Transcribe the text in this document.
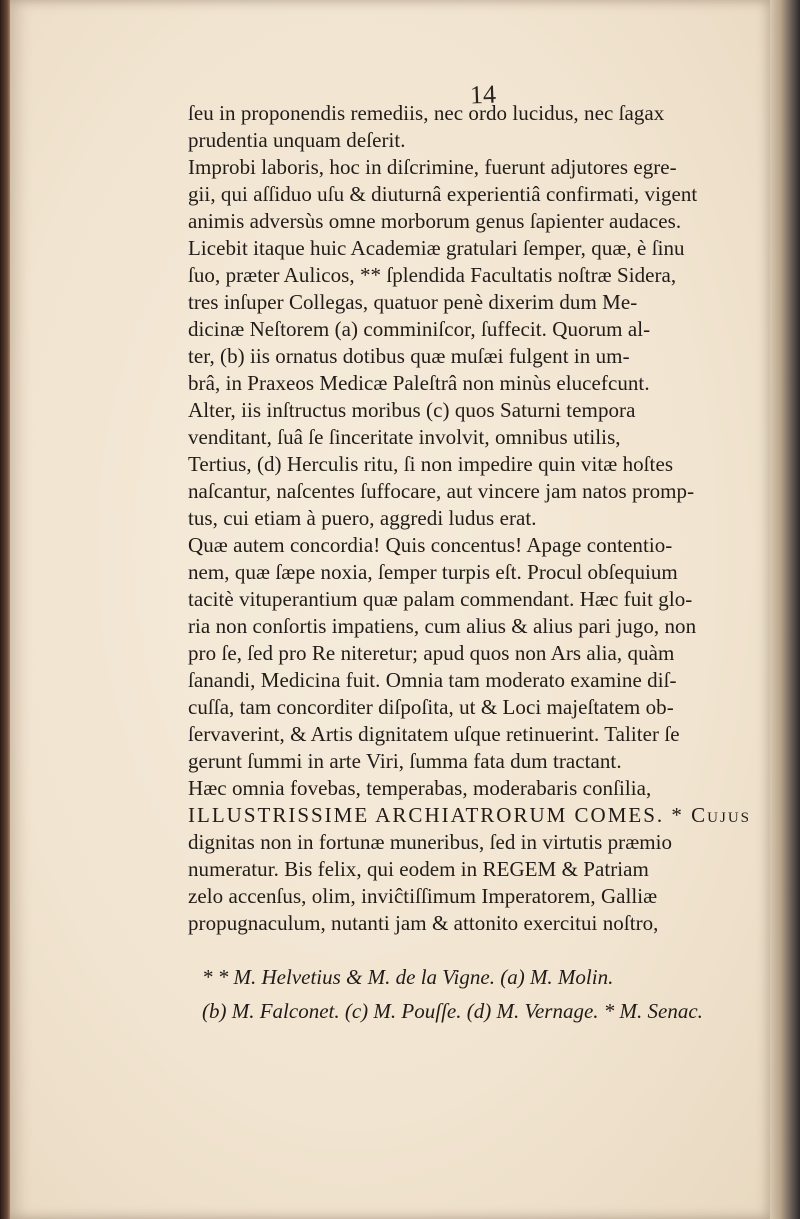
14
ſeu in proponendis remediis, nec ordo lucidus, nec ſagax
prudentia unquam deſerit.
Improbi laboris, hoc in diſcrimine, fuerunt adjutores egre-
gii, qui aſſiduo uſu & diuturnâ experientiâ confirmati, vigent
animis adversùs omne morborum genus ſapienter audaces.
Licebit itaque huic Academiæ gratulari ſemper, quæ, è ſinu
ſuo, præter Aulicos, ** ſplendida Facultatis noſtræ Sidera,
tres inſuper Collegas, quatuor penè dixerim dum Me-
dicinæ Neſtorem (a) comminiſcor, ſuffecit. Quorum al-
ter, (b) iis ornatus dotibus quæ muſæi fulgent in um-
brâ, in Praxeos Medicæ Paleſtrâ non minùs elucefcunt.
Alter, iis inſtructus moribus (c) quos Saturni tempora
venditant, ſuâ ſe ſinceritate involvit, omnibus utilis,
Tertius, (d) Herculis ritu, ſi non impedire quin vitæ hoſtes
naſcantur, naſcentes ſuffocare, aut vincere jam natos promp-
tus, cui etiam à puero, aggredi ludus erat.
Quæ autem concordia! Quis concentus! Apage contentio-
nem, quæ ſæpe noxia, ſemper turpis eſt. Procul obſequium
tacitè vituperantium quæ palam commendant. Hæc fuit glo-
ria non conſortis impatiens, cum alius & alius pari jugo, non
pro ſe, ſed pro Re niteretur; apud quos non Ars alia, quàm
ſanandi, Medicina fuit. Omnia tam moderato examine diſ-
cuſſa, tam concorditer diſpoſita, ut & Loci majeſtatem ob-
ſervaverint, & Artis dignitatem uſque retinuerint. Taliter ſe
gerunt ſummi in arte Viri, ſumma fata dum tractant.
Hæc omnia fovebas, temperabas, moderabaris conſilia,
ILLUSTRISSIME ARCHIATRORUM COMES. * Cujus
dignitas non in fortunæ muneribus, ſed in virtutis præmio
numeratur. Bis felix, qui eodem in REGEM & Patriam
zelo accenſus, olim, inviĉtiſſimum Imperatorem, Galliæ
propugnaculum, nutanti jam & attonito exercitui noſtro,
* * M. Helvetius & M. de la Vigne. (a) M. Molin.
(b) M. Falconet. (c) M. Pouſſe. (d) M. Vernage. * M. Senac.
